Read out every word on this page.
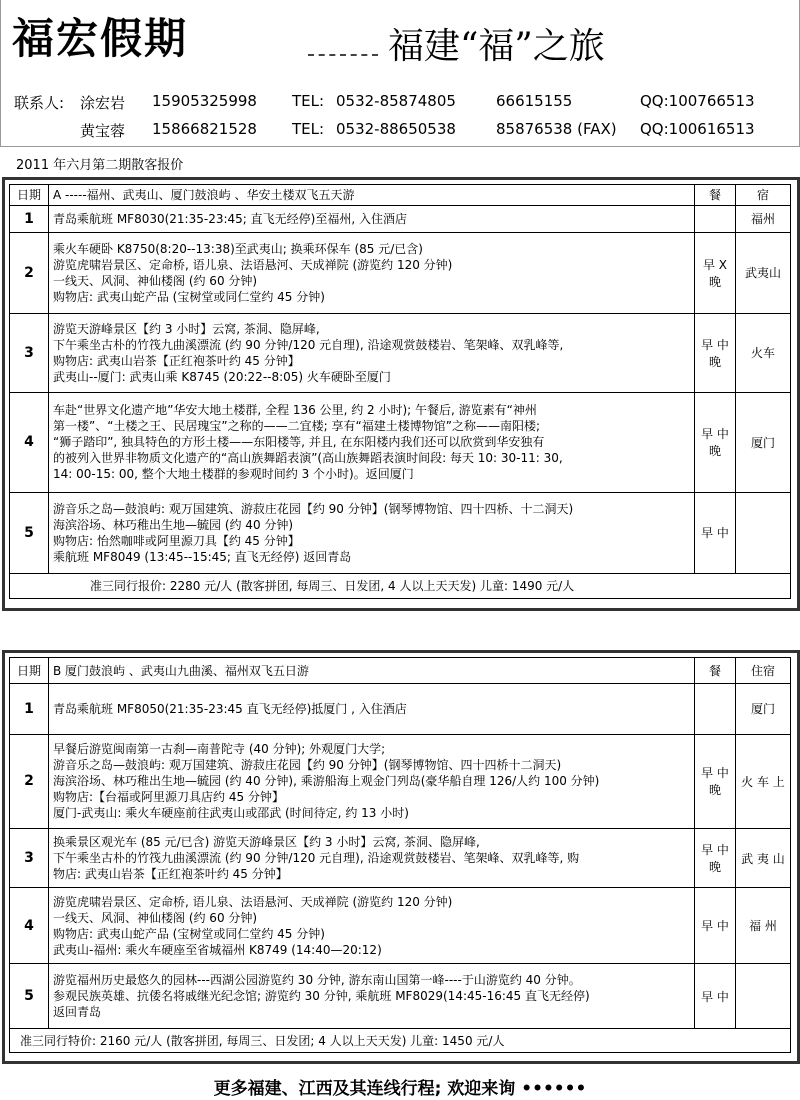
福宏假期	福建“福”之旅
联系人: 涂宏岩 15905325998 TEL: 0532-85874805	66615155	QQ:100766513
黄宝蓉 15866821528 TEL: 0532-88650538	85876538 (FAX) QQ:100616513
2011 年六月第二期散客报价
日期	A -----福州、武夷山、厦门鼓浪屿 、华安土楼双飞五天游	餐	宿
1	青岛乘航班 MF8030(21:35-23:45; 直飞无经停)至福州, 入住酒店		福州
2	乘火车硬卧 K8750(8:20--13:38)至武夷山; 换乘环保车 (85 元/已含)
游览虎啸岩景区、定命桥, 语儿泉、法语悬河、天成禅院 (游览约 120 分钟)
一线天、风洞、神仙楼阁 (约 60 分钟)
购物店: 武夷山蛇产品 (宝树堂或同仁堂约 45 分钟)	早 X 晚	武夷山
3	游览天游峰景区【约 3 小时】云窝, 茶洞、隐屏峰,
下午乘坐古朴的竹筏九曲溪漂流 (约 90 分钟/120 元自理), 沿途观赏鼓楼岩、笔架峰、双乳峰等,
购物店: 武夷山岩茶【正红袍茶叶约 45 分钟】
武夷山--厦门: 武夷山乘 K8745 (20:22--8:05) 火车硬卧至厦门	早 中 晚	火车
4	车赴“世界文化遗产地”华安大地土楼群, 全程 136 公里, 约 2 小时); 午餐后, 游览素有“神州
第一楼”、“土楼之王、民居瑰宝”之称的——二宜楼; 享有“福建土楼博物馆”之称——南阳楼;
“狮子踏印”, 独具特色的方形土楼——东阳楼等, 并且, 在东阳楼内我们还可以欣赏到华安独有
的被列入世界非物质文化遗产的“高山族舞蹈表演”(高山族舞蹈表演时间段: 每天 10: 30-11: 30,
14: 00-15: 00, 整个大地土楼群的参观时间约 3 个小时)。返回厦门	早 中 晚	厦门
5	游音乐之岛—鼓浪屿: 观万国建筑、游菽庄花园【约 90 分钟】(钢琴博物馆、四十四桥、十二洞天)
海滨浴场、林巧稚出生地—毓园 (约 40 分钟)
购物店: 怡然咖啡或阿里源刀具【约 45 分钟】
乘航班 MF8049 (13:45--15:45; 直飞无经停) 返回青岛	早 中	
准三同行报价: 2280 元/人 (散客拼团, 每周三、日发团, 4 人以上天天发) 儿童: 1490 元/人			
日期	B 厦门鼓浪屿 、武夷山九曲溪、福州双飞五日游	餐	住宿
1	青岛乘航班 MF8050(21:35-23:45 直飞无经停)抵厦门 , 入住酒店		厦门
2	早餐后游览闽南第一古刹—南普陀寺 (40 分钟); 外观厦门大学;
游音乐之岛—鼓浪屿: 观万国建筑、游菽庄花园【约 90 分钟】(钢琴博物馆、四十四桥十二洞天)
海滨浴场、林巧稚出生地—毓园 (约 40 分钟), 乘游船海上观金门列岛(豪华船自理 126/人约 100 分钟)
购物店:【台福或阿里源刀具店约 45 分钟】
厦门-武夷山: 乘火车硬座前往武夷山或邵武 (时间待定, 约 13 小时)	早 中 晚	火 车 上
3	换乘景区观光车 (85 元/已含) 游览天游峰景区【约 3 小时】云窝, 茶洞、隐屏峰,
下午乘坐古朴的竹筏九曲溪漂流 (约 90 分钟/120 元自理), 沿途观赏鼓楼岩、笔架峰、双乳峰等, 购
物店: 武夷山岩茶【正红袍茶叶约 45 分钟】	早 中 晚	武 夷 山
4	游览虎啸岩景区、定命桥, 语儿泉、法语悬河、天成禅院 (游览约 120 分钟)
一线天、风洞、神仙楼阁 (约 60 分钟)
购物店: 武夷山蛇产品 (宝树堂或同仁堂约 45 分钟)
武夷山-福州: 乘火车硬座至省城福州 K8749 (14:40—20:12)	早 中	福 州
5	游览福州历史最悠久的园林---西湖公园游览约 30 分钟, 游东南山国第一峰----于山游览约 40 分钟。
参观民族英雄、抗倭名将戚继光纪念馆; 游览约 30 分钟, 乘航班 MF8029(14:45-16:45 直飞无经停)
返回青岛	早 中	
准三同行特价: 2160 元/人 (散客拼团, 每周三、日发团; 4 人以上天天发) 儿童: 1450 元/人			
更多福建、江西及其连线行程; 欢迎来询 ••••••
